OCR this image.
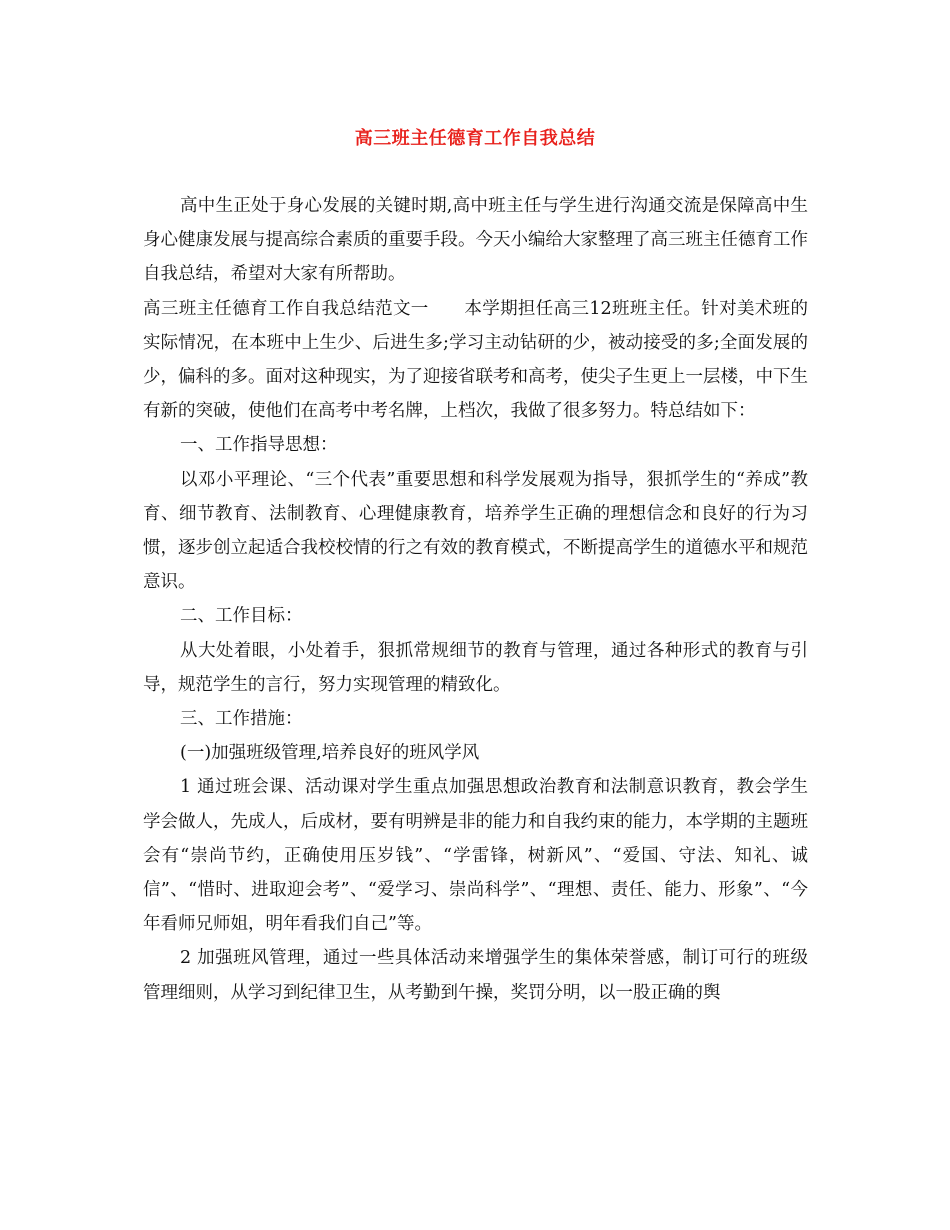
高三班主任德育工作自我总结

高中生正处于身心发展的关键时期,高中班主任与学生进行沟通交流是保障高中生身心健康发展与提高综合素质的重要手段。今天小编给大家整理了高三班主任德育工作自我总结，希望对大家有所帮助。

高三班主任德育工作自我总结范文一　　本学期担任高三12班班主任。针对美术班的实际情况，在本班中上生少、后进生多;学习主动钻研的少，被动接受的多;全面发展的少，偏科的多。面对这种现实，为了迎接省联考和高考，使尖子生更上一层楼，中下生有新的突破，使他们在高考中考名牌，上档次，我做了很多努力。特总结如下：

一、工作指导思想：

以邓小平理论、“三个代表”重要思想和科学发展观为指导，狠抓学生的“养成”教育、细节教育、法制教育、心理健康教育，培养学生正确的理想信念和良好的行为习惯，逐步创立起适合我校校情的行之有效的教育模式，不断提高学生的道德水平和规范意识。

二、工作目标：

从大处着眼，小处着手，狠抓常规细节的教育与管理，通过各种形式的教育与引导，规范学生的言行，努力实现管理的精致化。

三、工作措施：

(一)加强班级管理,培养良好的班风学风

1 通过班会课、活动课对学生重点加强思想政治教育和法制意识教育，教会学生学会做人，先成人，后成材，要有明辨是非的能力和自我约束的能力，本学期的主题班会有“崇尚节约，正确使用压岁钱”、“学雷锋，树新风”、“爱国、守法、知礼、诚信”、“惜时、进取迎会考”、“爱学习、崇尚科学”、“理想、责任、能力、形象”、“今年看师兄师姐，明年看我们自己”等。

2 加强班风管理，通过一些具体活动来增强学生的集体荣誉感，制订可行的班级管理细则，从学习到纪律卫生，从考勤到午操，奖罚分明，以一股正确的舆
